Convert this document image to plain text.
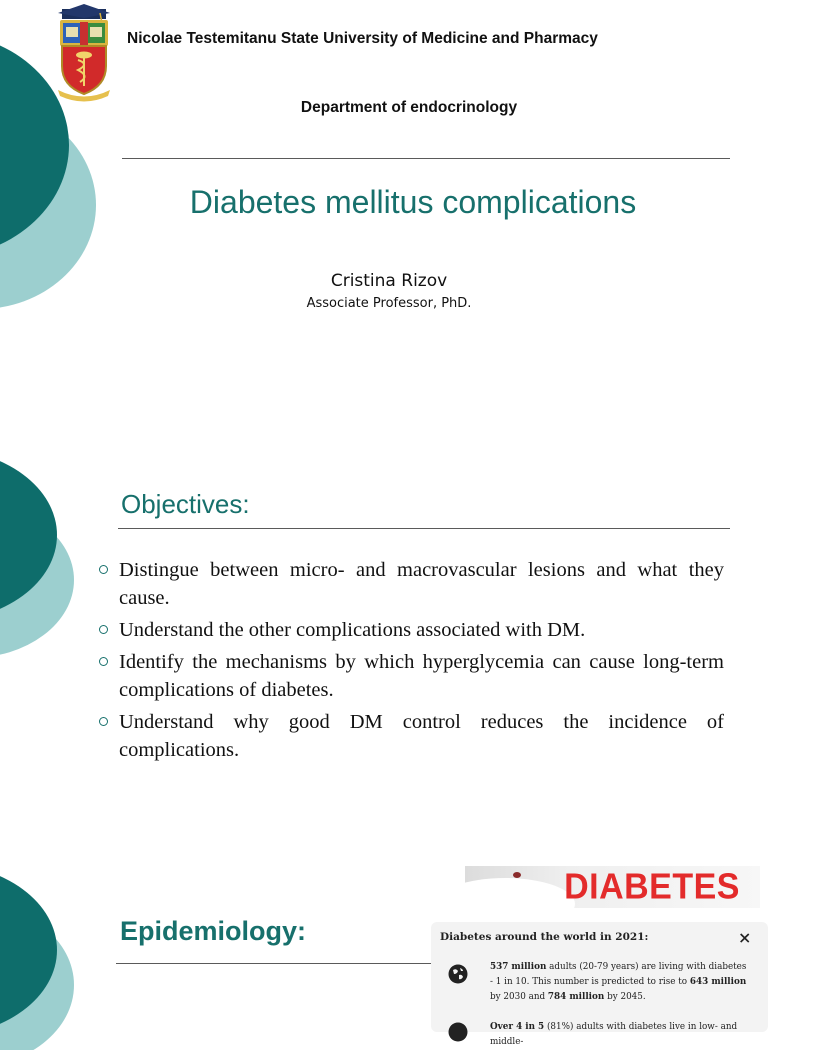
Nicolae Testemitanu State University of Medicine and Pharmacy
Department of endocrinology
Diabetes mellitus complications
Cristina Rizov
Associate Professor, PhD.
Objectives:
Distingue between micro- and macrovascular lesions and what they cause.
Understand the other complications associated with DM.
Identify the mechanisms by which hyperglycemia can cause long-term complications of diabetes.
Understand why good DM control reduces the incidence of complications.
Epidemiology:
DIABETES
Diabetes around the world in 2021:	×
537 million adults (20-79 years) are living with diabetes - 1 in 10. This number is predicted to rise to 643 million by 2030 and 784 million by 2045.
Over 4 in 5 (81%) adults with diabetes live in low- and middle-
